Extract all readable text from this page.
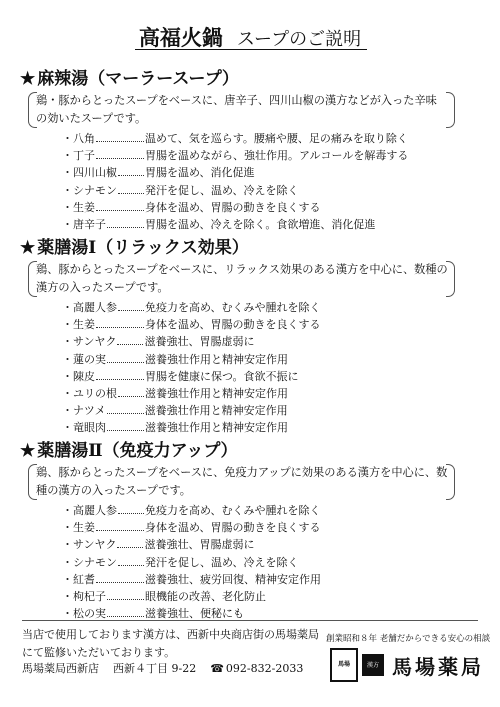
高福火鍋 スープのご説明
★ 麻辣湯（マーラースープ）
鶏・豚からとったスープをベースに、唐辛子、四川山椒の漢方などが入った辛味の効いたスープです。
・八角	温めて、気を巡らす。腰痛や腰、足の痛みを取り除く
・丁子	胃腸を温めながら、強壮作用。アルコールを解毒する
・四川山椒	胃腸を温め、消化促進
・シナモン	発汗を促し、温め、冷えを除く
・生姜	身体を温め、胃腸の動きを良くする
・唐辛子	胃腸を温め、冷えを除く。食欲増進、消化促進
★ 薬膳湯Ⅰ（リラックス効果）
鶏、豚からとったスープをベースに、リラックス効果のある漢方を中心に、数種の漢方の入ったスープです。
・高麗人参	免疫力を高め、むくみや腫れを除く
・生姜	身体を温め、胃腸の動きを良くする
・サンヤク	滋養強壮、胃腸虚弱に
・蓮の実	滋養強壮作用と精神安定作用
・陳皮	胃腸を健康に保つ。食欲不振に
・ユリの根	滋養強壮作用と精神安定作用
・ナツメ	滋養強壮作用と精神安定作用
・竜眼肉	滋養強壮作用と精神安定作用
★ 薬膳湯Ⅱ（免疫力アップ）
鶏、豚からとったスープをベースに、免疫力アップに効果のある漢方を中心に、数種の漢方の入ったスープです。
・高麗人参	免疫力を高め、むくみや腫れを除く
・生姜	身体を温め、胃腸の動きを良くする
・サンヤク	滋養強壮、胃腸虚弱に
・シナモン	発汗を促し、温め、冷えを除く
・紅耆	滋養強壮、疲労回復、精神安定作用
・枸杞子	眼機能の改善、老化防止
・松の実	滋養強壮、便秘にも
当店で使用しております漢方は、西新中央商店街の馬場薬局にて監修いただいております。
馬場薬局西新店 西新４丁目 9-22 ☎ 092-832-2033
創業昭和８年 老舗だからできる安心の相談
馬場	漢方 馬場薬局
